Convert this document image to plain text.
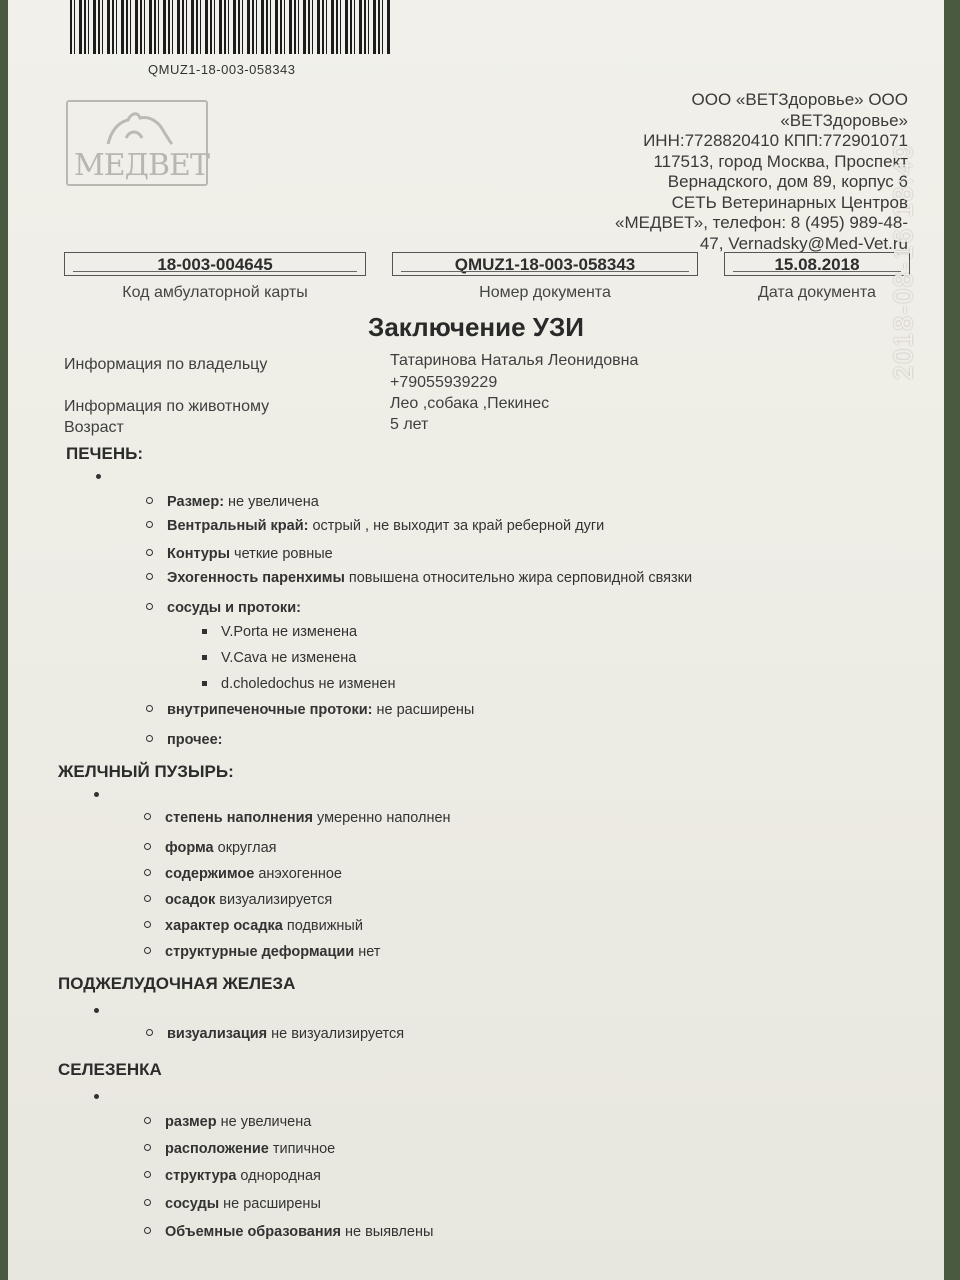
QMUZ1-18-003-058343
МЕДВЕТ
ООО «ВЕТЗдоровье» ООО
«ВЕТЗдоровье»
ИНН:7728820410 КПП:772901071
117513, город Москва, Проспект
Вернадского, дом 89, корпус 6
СЕТЬ Ветеринарных Центров
«МЕДВЕТ», телефон: 8 (495) 989-48-
47, Vernadsky@Med-Vet.ru
18-003-004645
Код амбулаторной карты
QMUZ1-18-003-058343
Номер документа
15.08.2018
Дата документа
Заключение УЗИ
Информация по владельцу	Татаринова Наталья Леонидовна
+79055939229
Информация по животному	Лео ,собака ,Пекинес
Возраст	5 лет
ПЕЧЕНЬ:
Размер: не увеличена
Вентральный край: острый , не выходит за край реберной дуги
Контуры четкие ровные
Эхогенность паренхимы повышена относительно жира серповидной связки
сосуды и протоки:
V.Porta не изменена
V.Cava не изменена
d.choledochus не изменен
внутрипеченочные протоки: не расширены
прочее:
ЖЕЛЧНЫЙ ПУЗЫРЬ:
степень наполнения умеренно наполнен
форма округлая
содержимое анэхогенное
осадок визуализируется
характер осадка подвижный
структурные деформации нет
ПОДЖЕЛУДОЧНАЯ ЖЕЛЕЗА
визуализация не визуализируется
СЕЛЕЗЕНКА
размер не увеличена
расположение типичное
структура однородная
сосуды не расширены
Объемные образования не выявлены
2018-08-16 18:49
